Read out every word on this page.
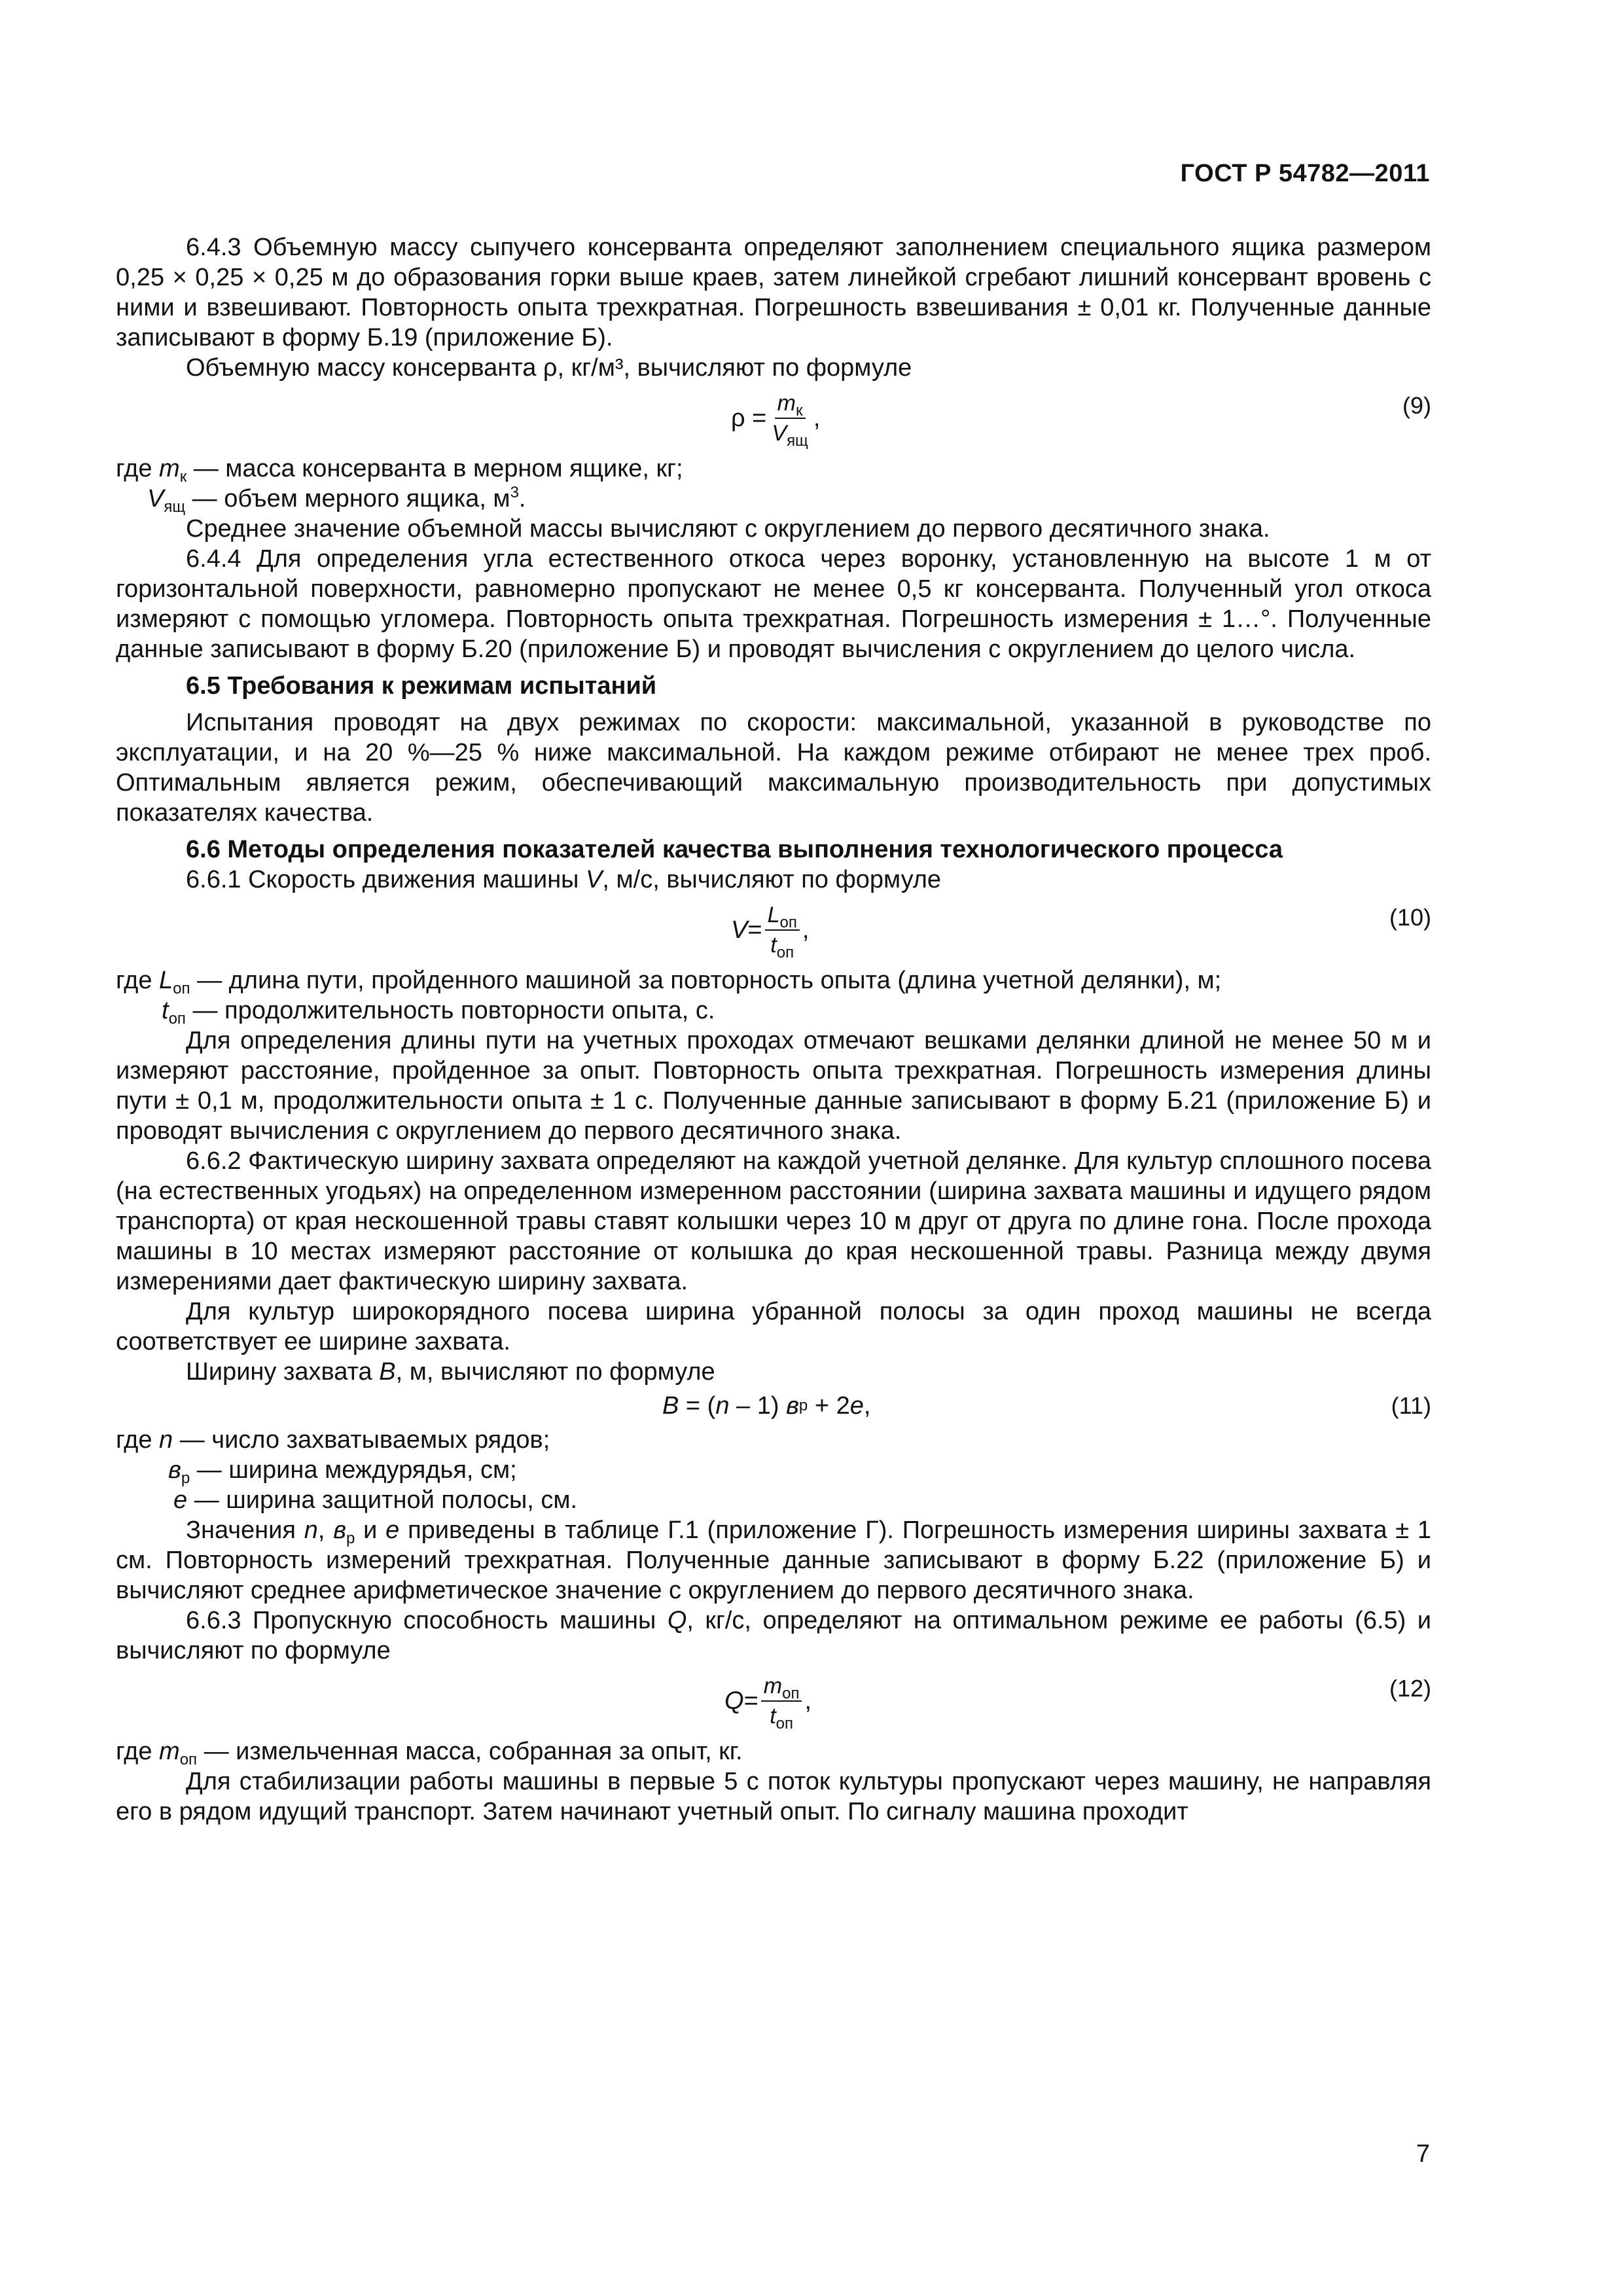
ГОСТ Р 54782—2011

6.4.3 Объемную массу сыпучего консерванта определяют заполнением специального ящика размером 0,25 × 0,25 × 0,25 м до образования горки выше краев, затем линейкой сгребают лишний консервант вровень с ними и взвешивают. Повторность опыта трехкратная. Погрешность взвешивания ± 0,01 кг. Полученные данные записывают в форму Б.19 (приложение Б).

Объемную массу консерванта ρ, кг/м³, вычисляют по формуле

$\rho = \frac{m_к}{V_{ящ}}$ ,	(9)

где $m_к$ — масса консерванта в мерном ящике, кг;

$V_{ящ}$ — объем мерного ящика, $м^3$.

Среднее значение объемной массы вычисляют с округлением до первого десятичного знака.

6.4.4 Для определения угла естественного откоса через воронку, установленную на высоте 1 м от горизонтальной поверхности, равномерно пропускают не менее 0,5 кг консерванта. Полученный угол откоса измеряют с помощью угломера. Повторность опыта трехкратная. Погрешность измерения ± 1…°. Полученные данные записывают в форму Б.20 (приложение Б) и проводят вычисления с округлением до целого числа.

6.5 Требования к режимам испытаний

Испытания проводят на двух режимах по скорости: максимальной, указанной в руководстве по эксплуатации, и на 20 %—25 % ниже максимальной. На каждом режиме отбирают не менее трех проб. Оптимальным является режим, обеспечивающий максимальную производительность при допустимых показателях качества.

6.6 Методы определения показателей качества выполнения технологического процесса

6.6.1 Скорость движения машины V, м/с, вычисляют по формуле

$V = \frac{L_{оп}}{t_{оп}}$ ,	(10)

где $L_{оп}$ — длина пути, пройденного машиной за повторность опыта (длина учетной делянки), м;

$t_{оп}$ — продолжительность повторности опыта, с.

Для определения длины пути на учетных проходах отмечают вешками делянки длиной не менее 50 м и измеряют расстояние, пройденное за опыт. Повторность опыта трехкратная. Погрешность измерения длины пути ± 0,1 м, продолжительности опыта ± 1 с. Полученные данные записывают в форму Б.21 (приложение Б) и проводят вычисления с округлением до первого десятичного знака.

6.6.2 Фактическую ширину захвата определяют на каждой учетной делянке. Для культур сплошного посева (на естественных угодьях) на определенном измеренном расстоянии (ширина захвата машины и идущего рядом транспорта) от края нескошенной травы ставят колышки через 10 м друг от друга по длине гона. После прохода машины в 10 местах измеряют расстояние от колышка до края нескошенной травы. Разница между двумя измерениями дает фактическую ширину захвата.

Для культур широкорядного посева ширина убранной полосы за один проход машины не всегда соответствует ее ширине захвата.

Ширину захвата B, м, вычисляют по формуле

B = ( n – 1) в р + 2 e ,	(11)

где n — число захватываемых рядов;

$в_р$ — ширина междурядья, см;

e — ширина защитной полосы, см.

Значения n, $в_р$ и e приведены в таблице Г.1 (приложение Г). Погрешность измерения ширины захвата ± 1 см. Повторность измерений трехкратная. Полученные данные записывают в форму Б.22 (приложение Б) и вычисляют среднее арифметическое значение с округлением до первого десятичного знака.

6.6.3 Пропускную способность машины Q, кг/с, определяют на оптимальном режиме ее работы (6.5) и вычисляют по формуле

$Q = \frac{m_{оп}}{t_{оп}}$ ,	(12)

где $m_{оп}$ — измельченная масса, собранная за опыт, кг.

Для стабилизации работы машины в первые 5 с поток культуры пропускают через машину, не направляя его в рядом идущий транспорт. Затем начинают учетный опыт. По сигналу машина проходит

7
